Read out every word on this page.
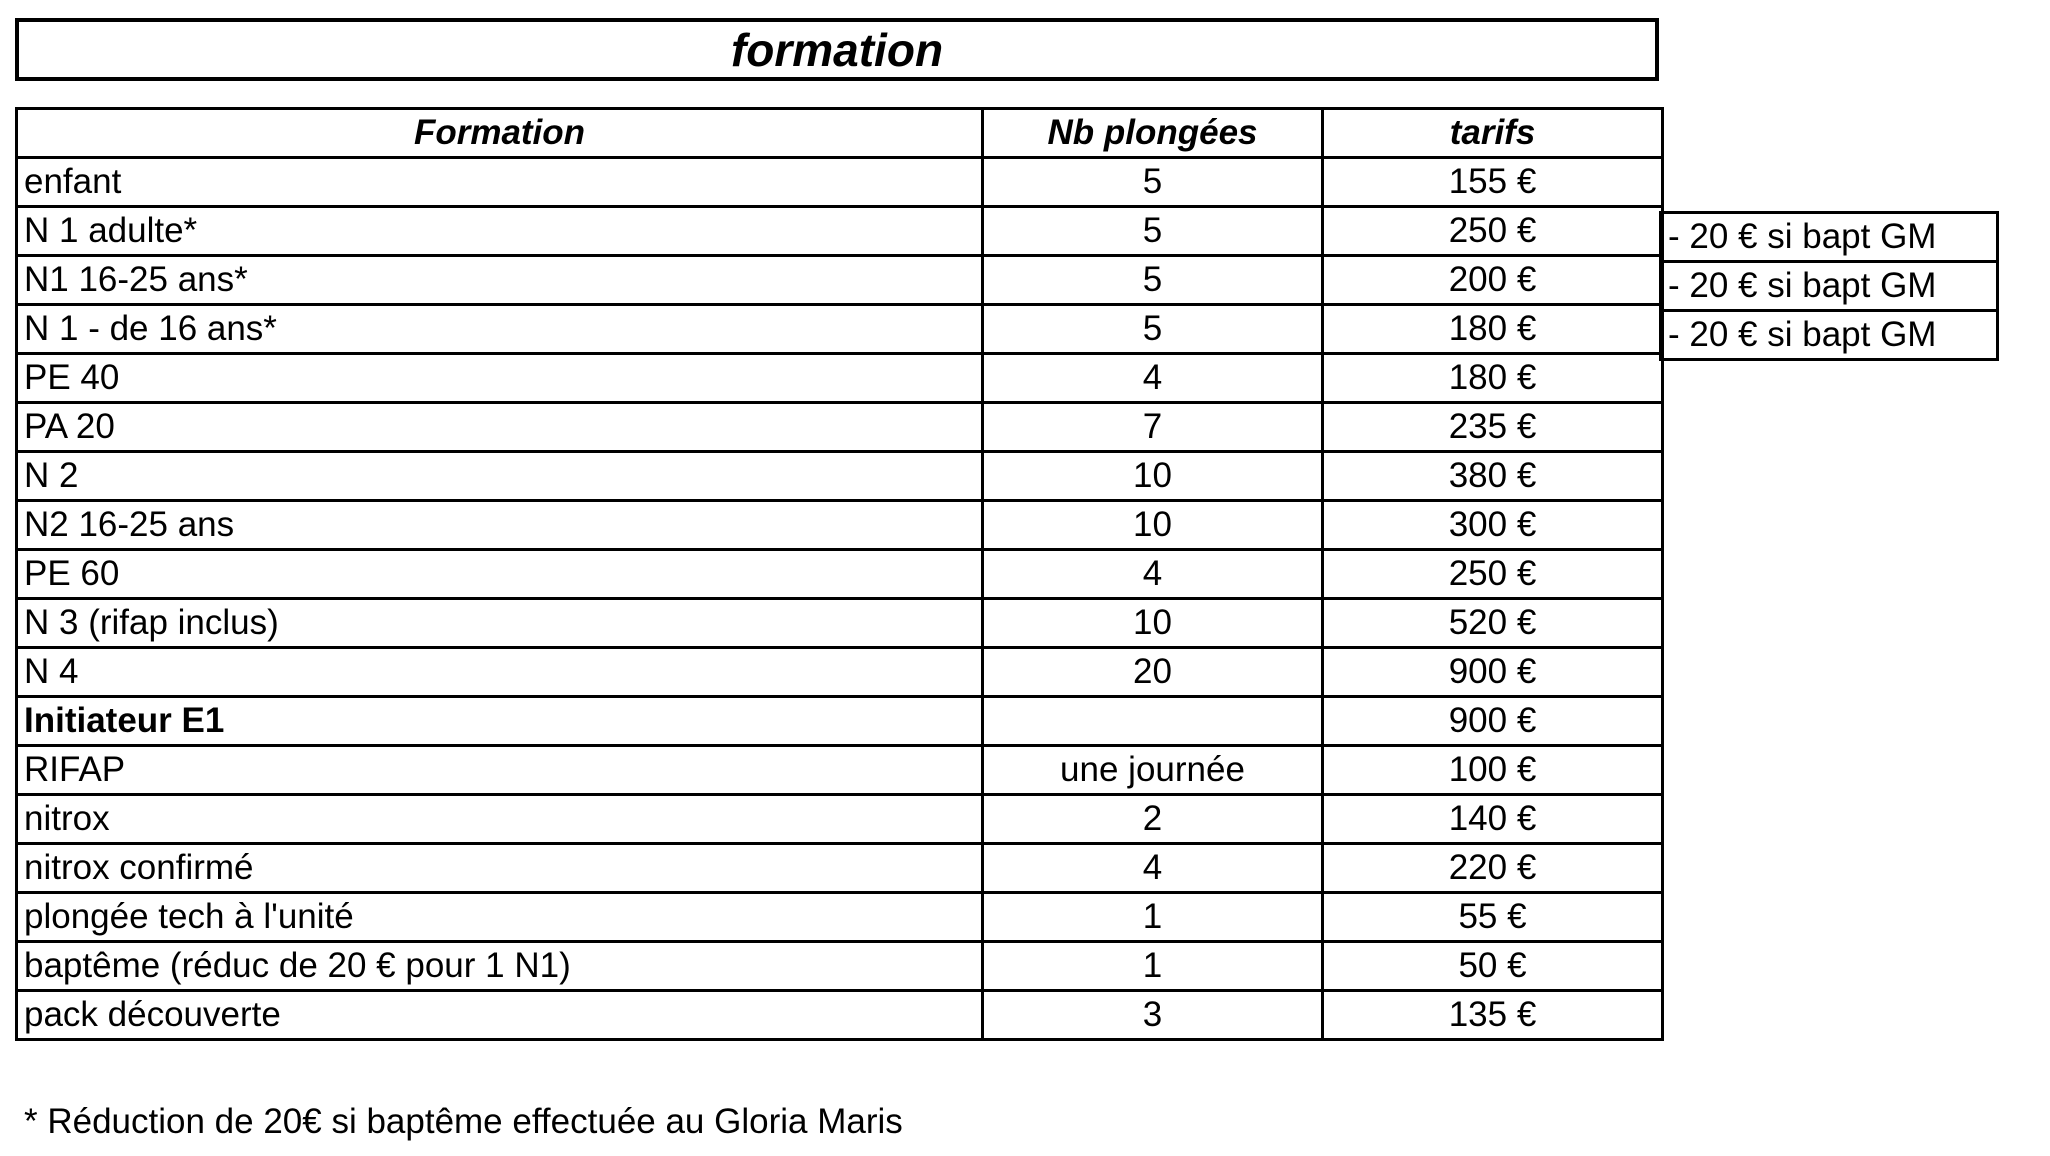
formation
Formation	Nb plongées	tarifs
enfant	5	155 €
N 1 adulte*	5	250 €
N1 16-25 ans*	5	200 €
N 1 - de 16 ans*	5	180 €
PE 40	4	180 €
PA 20	7	235 €
N 2	10	380 €
N2 16-25 ans	10	300 €
PE 60	4	250 €
N 3 (rifap inclus)	10	520 €
N 4	20	900 €
Initiateur E1		900 €
RIFAP	une journée	100 €
nitrox	2	140 €
nitrox confirmé	4	220 €
plongée tech à l'unité	1	55 €
baptême (réduc de 20 € pour 1 N1)	1	50 €
pack découverte	3	135 €
- 20 € si bapt GM
- 20 € si bapt GM
- 20 € si bapt GM
* Réduction de 20€ si baptême effectuée au Gloria Maris
